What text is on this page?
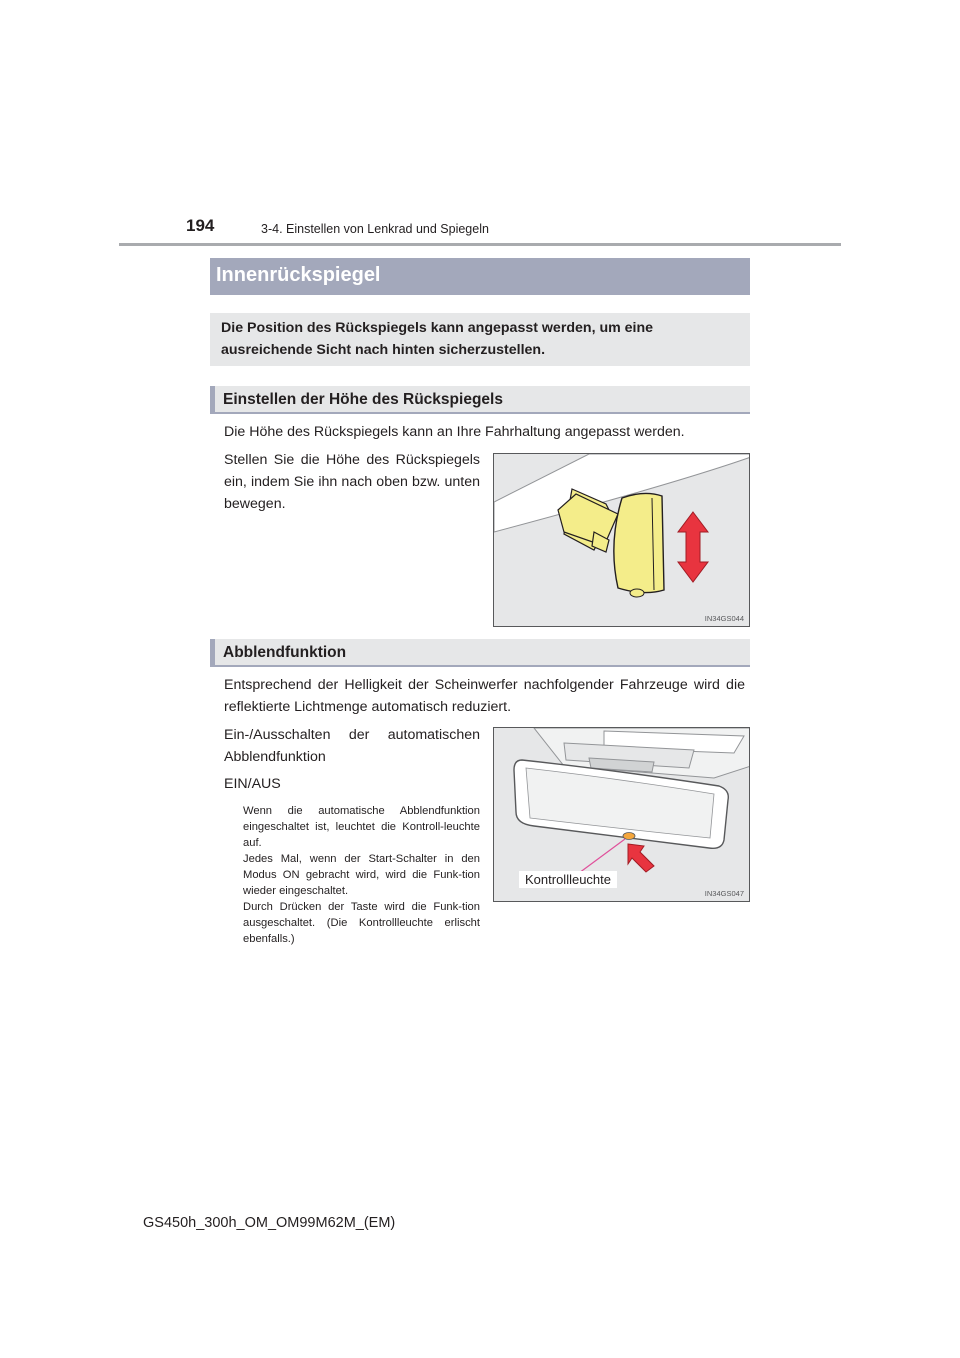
194	3-4. Einstellen von Lenkrad und Spiegeln
Innenrückspiegel

Die Position des Rückspiegels kann angepasst werden, um eine ausreichende Sicht nach hinten sicherzustellen.

Einstellen der Höhe des Rückspiegels

Die Höhe des Rückspiegels kann an Ihre Fahrhaltung angepasst werden.

Stellen Sie die Höhe des Rückspiegels ein, indem Sie ihn nach oben bzw. unten bewegen.

IN34GS044
Abblendfunktion

Entsprechend der Helligkeit der Scheinwerfer nachfolgender Fahrzeuge wird die reflektierte Lichtmenge automatisch reduziert.

Ein-/Ausschalten der automatischen Abblendfunktion

EIN/AUS

Wenn die automatische Abblendfunktion eingeschaltet ist, leuchtet die Kontroll-leuchte auf.
Jedes Mal, wenn der Start-Schalter in den Modus ON gebracht wird, wird die Funk-tion wieder eingeschaltet.
Durch Drücken der Taste wird die Funk-tion ausgeschaltet. (Die Kontrollleuchte erlischt ebenfalls.)
Kontrollleuchte
IN34GS047
GS450h_300h_OM_OM99M62M_(EM)
